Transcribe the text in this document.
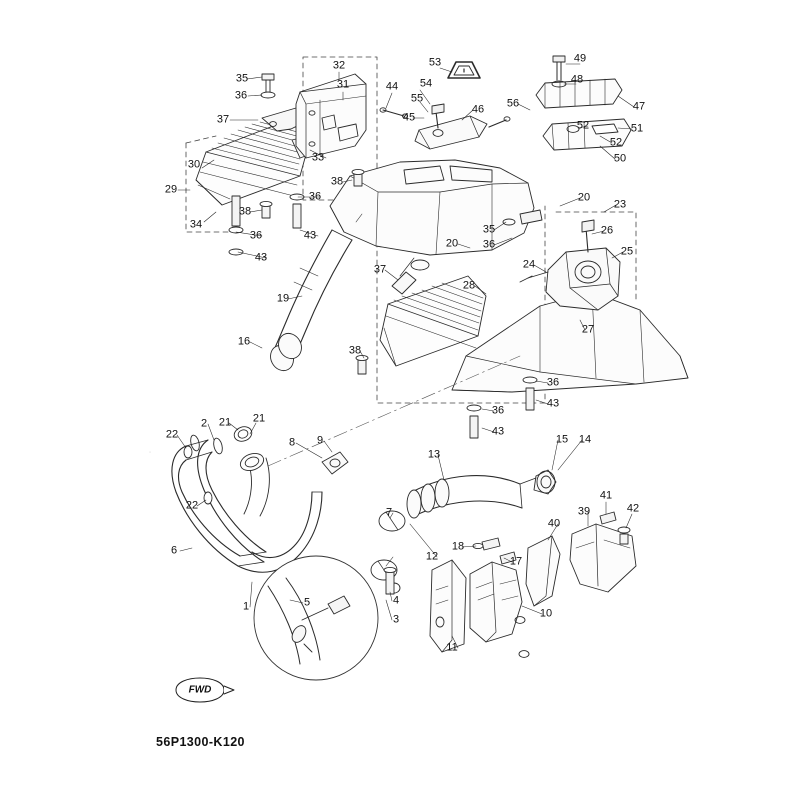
FWD
56P1300-K120
1
2
3
4
5
6
7
8 9
10
11
12
13
14
15
16
17
18
19
20
20
21 21
22
22
23
24
25
26
27
28
29
30
31
32
33
34
35
35
36
36
36
36
36
36
37
37
38
38
38
39
40
41
42
43
43
43
43
44
45
46	47
48
49
50
51
52
52
53
54
55	56
